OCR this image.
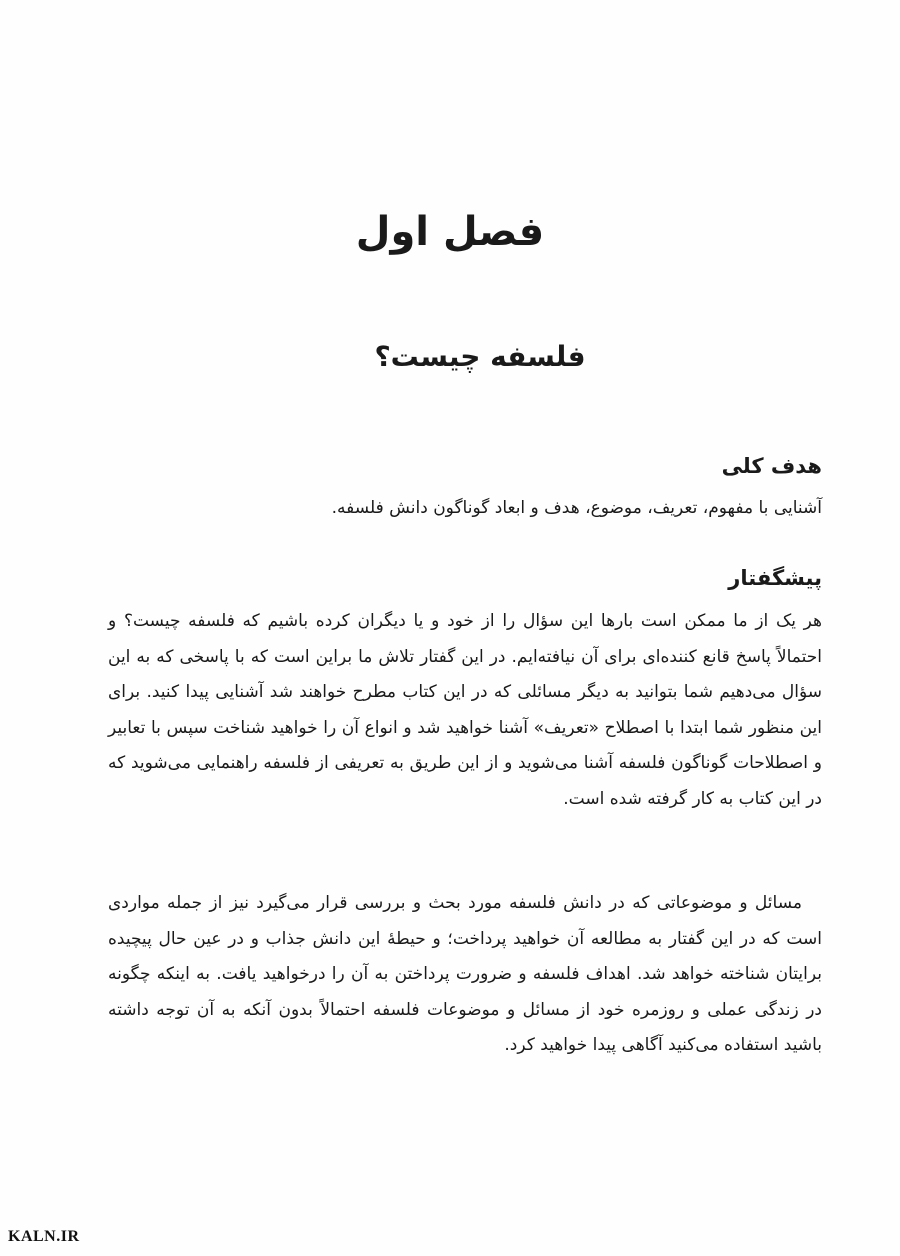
فصل اول
فلسفه چیست؟
هدف کلی

آشنایی با مفهوم، تعریف، موضوع، هدف و ابعاد گوناگون دانش فلسفه.

پیشگفتار

هر یک از ما ممکن است بارها این سؤال را از خود و یا دیگران کرده باشیم که فلسفه چیست؟ و احتمالاً پاسخ قانع کننده‌ای برای آن نیافته‌ایم. در این گفتار تلاش ما براین است که با پاسخی که به این سؤال می‌دهیم شما بتوانید به دیگر مسائلی که در این کتاب مطرح خواهند شد آشنایی پیدا کنید. برای این منظور شما ابتدا با اصطلاح «تعریف» آشنا خواهید شد و انواع آن را خواهید شناخت سپس با تعابیر و اصطلاحات گوناگون فلسفه آشنا می‌شوید و از این طریق به تعریفی از فلسفه راهنمایی می‌شوید که در این کتاب به کار گرفته شده است.

مسائل و موضوعاتی که در دانش فلسفه مورد بحث و بررسی قرار می‌گیرد نیز از جمله مواردی است که در این گفتار به مطالعه آن خواهید پرداخت؛ و حیطهٔ این دانش جذاب و در عین حال پیچیده برایتان شناخته خواهد شد. اهداف فلسفه و ضرورت پرداختن به آن را درخواهید یافت. به اینکه چگونه در زندگی عملی و روزمره خود از مسائل و موضوعات فلسفه احتمالاً بدون آنکه به آن توجه داشته باشید استفاده می‌کنید آگاهی پیدا خواهید کرد.

KALN.IR
